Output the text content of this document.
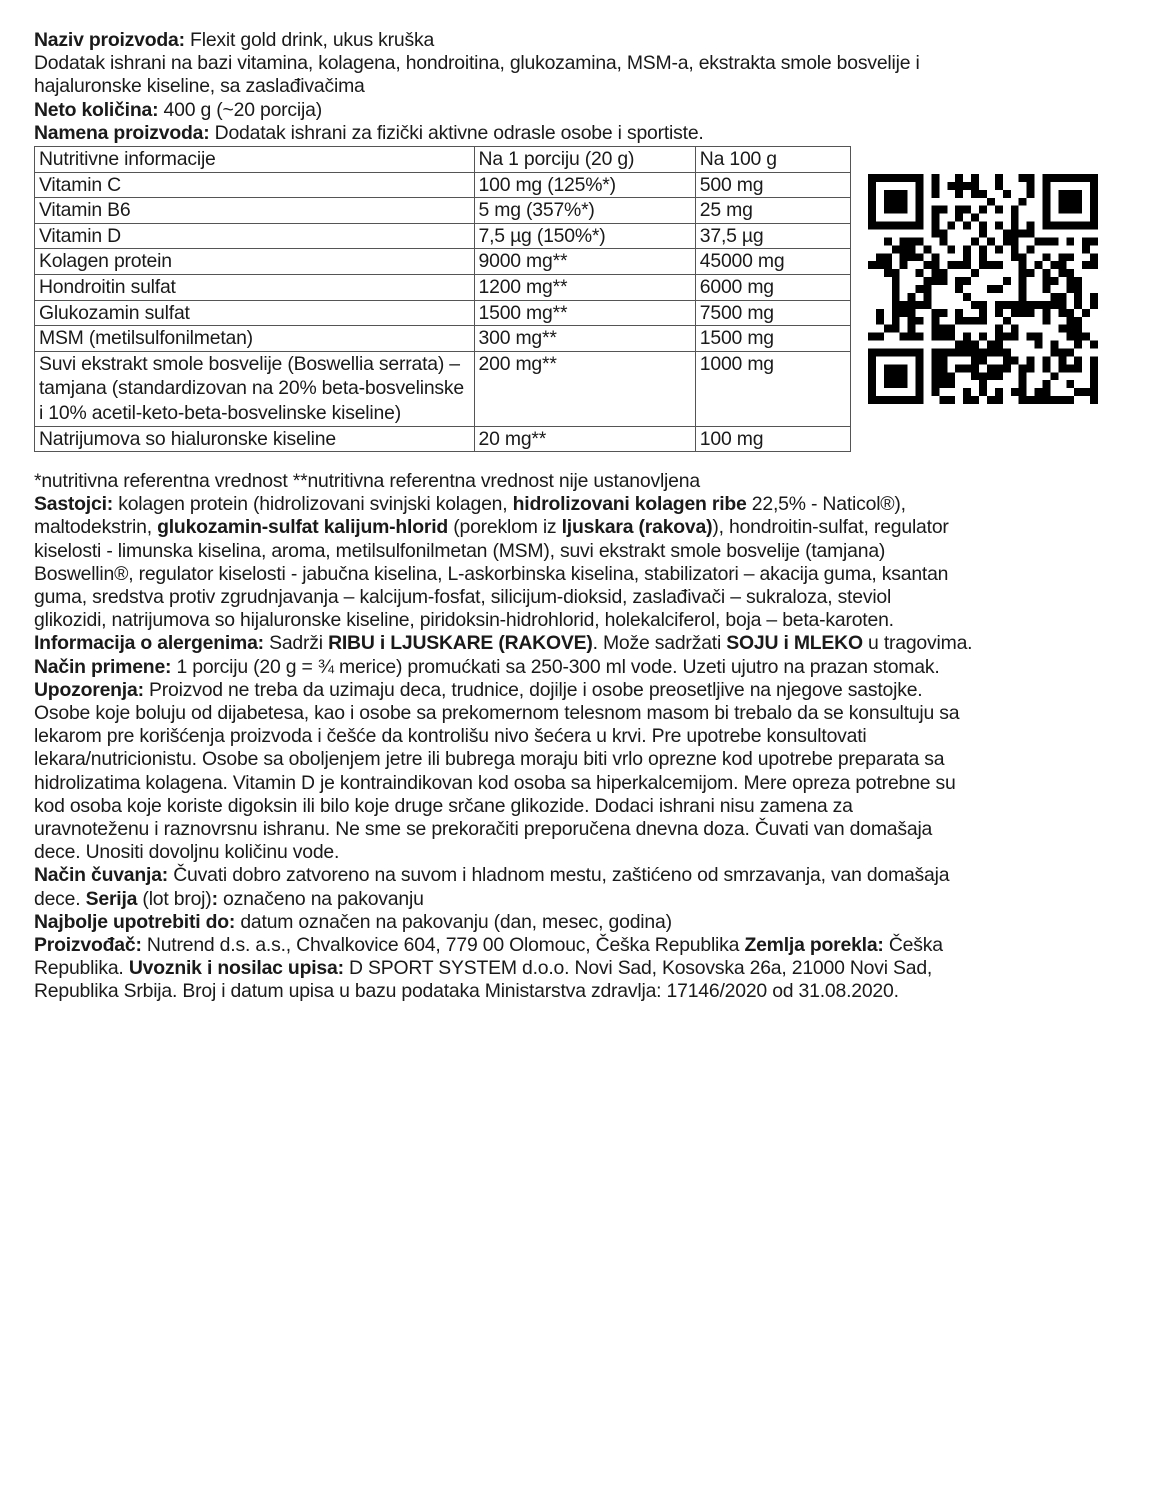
Naziv proizvoda: Flexit gold drink, ukus kruška
Dodatak ishrani na bazi vitamina, kolagena, hondroitina, glukozamina, MSM-a, ekstrakta smole bosvelije i
hajaluronske kiseline, sa zaslađivačima
Neto količina: 400 g (~20 porcija)
Namena proizvoda: Dodatak ishrani za fizički aktivne odrasle osobe i sportiste.
Nutritivne informacije	Na 1 porciju (20 g)	Na 100 g
Vitamin C	100 mg (125%*)	500 mg
Vitamin B6	5 mg (357%*)	25 mg
Vitamin D	7,5 µg (150%*)	37,5 µg
Kolagen protein	9000 mg**	45000 mg
Hondroitin sulfat	1200 mg**	6000 mg
Glukozamin sulfat	1500 mg**	7500 mg
MSM (metilsulfonilmetan)	300 mg**	1500 mg
Suvi ekstrakt smole bosvelije (Boswellia serrata) – tamjana (standardizovan na 20% beta-bosvelinske i 10% acetil-keto-beta-bosvelinske kiseline)	200 mg**	1000 mg
Natrijumova so hialuronske kiseline	20 mg**	100 mg
*nutritivna referentna vrednost **nutritivna referentna vrednost nije ustanovljena
Sastojci: kolagen protein (hidrolizovani svinjski kolagen, hidrolizovani kolagen ribe 22,5% - Naticol®),
maltodekstrin, glukozamin-sulfat kalijum-hlorid (poreklom iz ljuskara (rakova)), hondroitin-sulfat, regulator
kiselosti - limunska kiselina, aroma, metilsulfonilmetan (MSM), suvi ekstrakt smole bosvelije (tamjana)
Boswellin®, regulator kiselosti - jabučna kiselina, L-askorbinska kiselina, stabilizatori – akacija guma, ksantan
guma, sredstva protiv zgrudnjavanja – kalcijum-fosfat, silicijum-dioksid, zaslađivači – sukraloza, steviol
glikozidi, natrijumova so hijaluronske kiseline, piridoksin-hidrohlorid, holekalciferol, boja – beta-karoten.
Informacija o alergenima: Sadrži RIBU i LJUSKARE (RAKOVE). Može sadržati SOJU i MLEKO u tragovima.
Način primene: 1 porciju (20 g = ¾ merice) promućkati sa 250-300 ml vode. Uzeti ujutro na prazan stomak.
Upozorenja: Proizvod ne treba da uzimaju deca, trudnice, dojilje i osobe preosetljive na njegove sastojke.
Osobe koje boluju od dijabetesa, kao i osobe sa prekomernom telesnom masom bi trebalo da se konsultuju sa
lekarom pre korišćenja proizvoda i češće da kontrolišu nivo šećera u krvi. Pre upotrebe konsultovati
lekara/nutricionistu. Osobe sa oboljenjem jetre ili bubrega moraju biti vrlo oprezne kod upotrebe preparata sa
hidrolizatima kolagena. Vitamin D je kontraindikovan kod osoba sa hiperkalcemijom. Mere opreza potrebne su
kod osoba koje koriste digoksin ili bilo koje druge srčane glikozide. Dodaci ishrani nisu zamena za
uravnoteženu i raznovrsnu ishranu. Ne sme se prekoračiti preporučena dnevna doza. Čuvati van domašaja
dece. Unositi dovoljnu količinu vode.
Način čuvanja: Čuvati dobro zatvoreno na suvom i hladnom mestu, zaštićeno od smrzavanja, van domašaja
dece. Serija (lot broj): označeno na pakovanju
Najbolje upotrebiti do: datum označen na pakovanju (dan, mesec, godina)
Proizvođač: Nutrend d.s. a.s., Chvalkovice 604, 779 00 Olomouc, Češka Republika Zemlja porekla: Češka
Republika. Uvoznik i nosilac upisa: D SPORT SYSTEM d.o.o. Novi Sad, Kosovska 26a, 21000 Novi Sad,
Republika Srbija. Broj i datum upisa u bazu podataka Ministarstva zdravlja: 17146/2020 od 31.08.2020.
